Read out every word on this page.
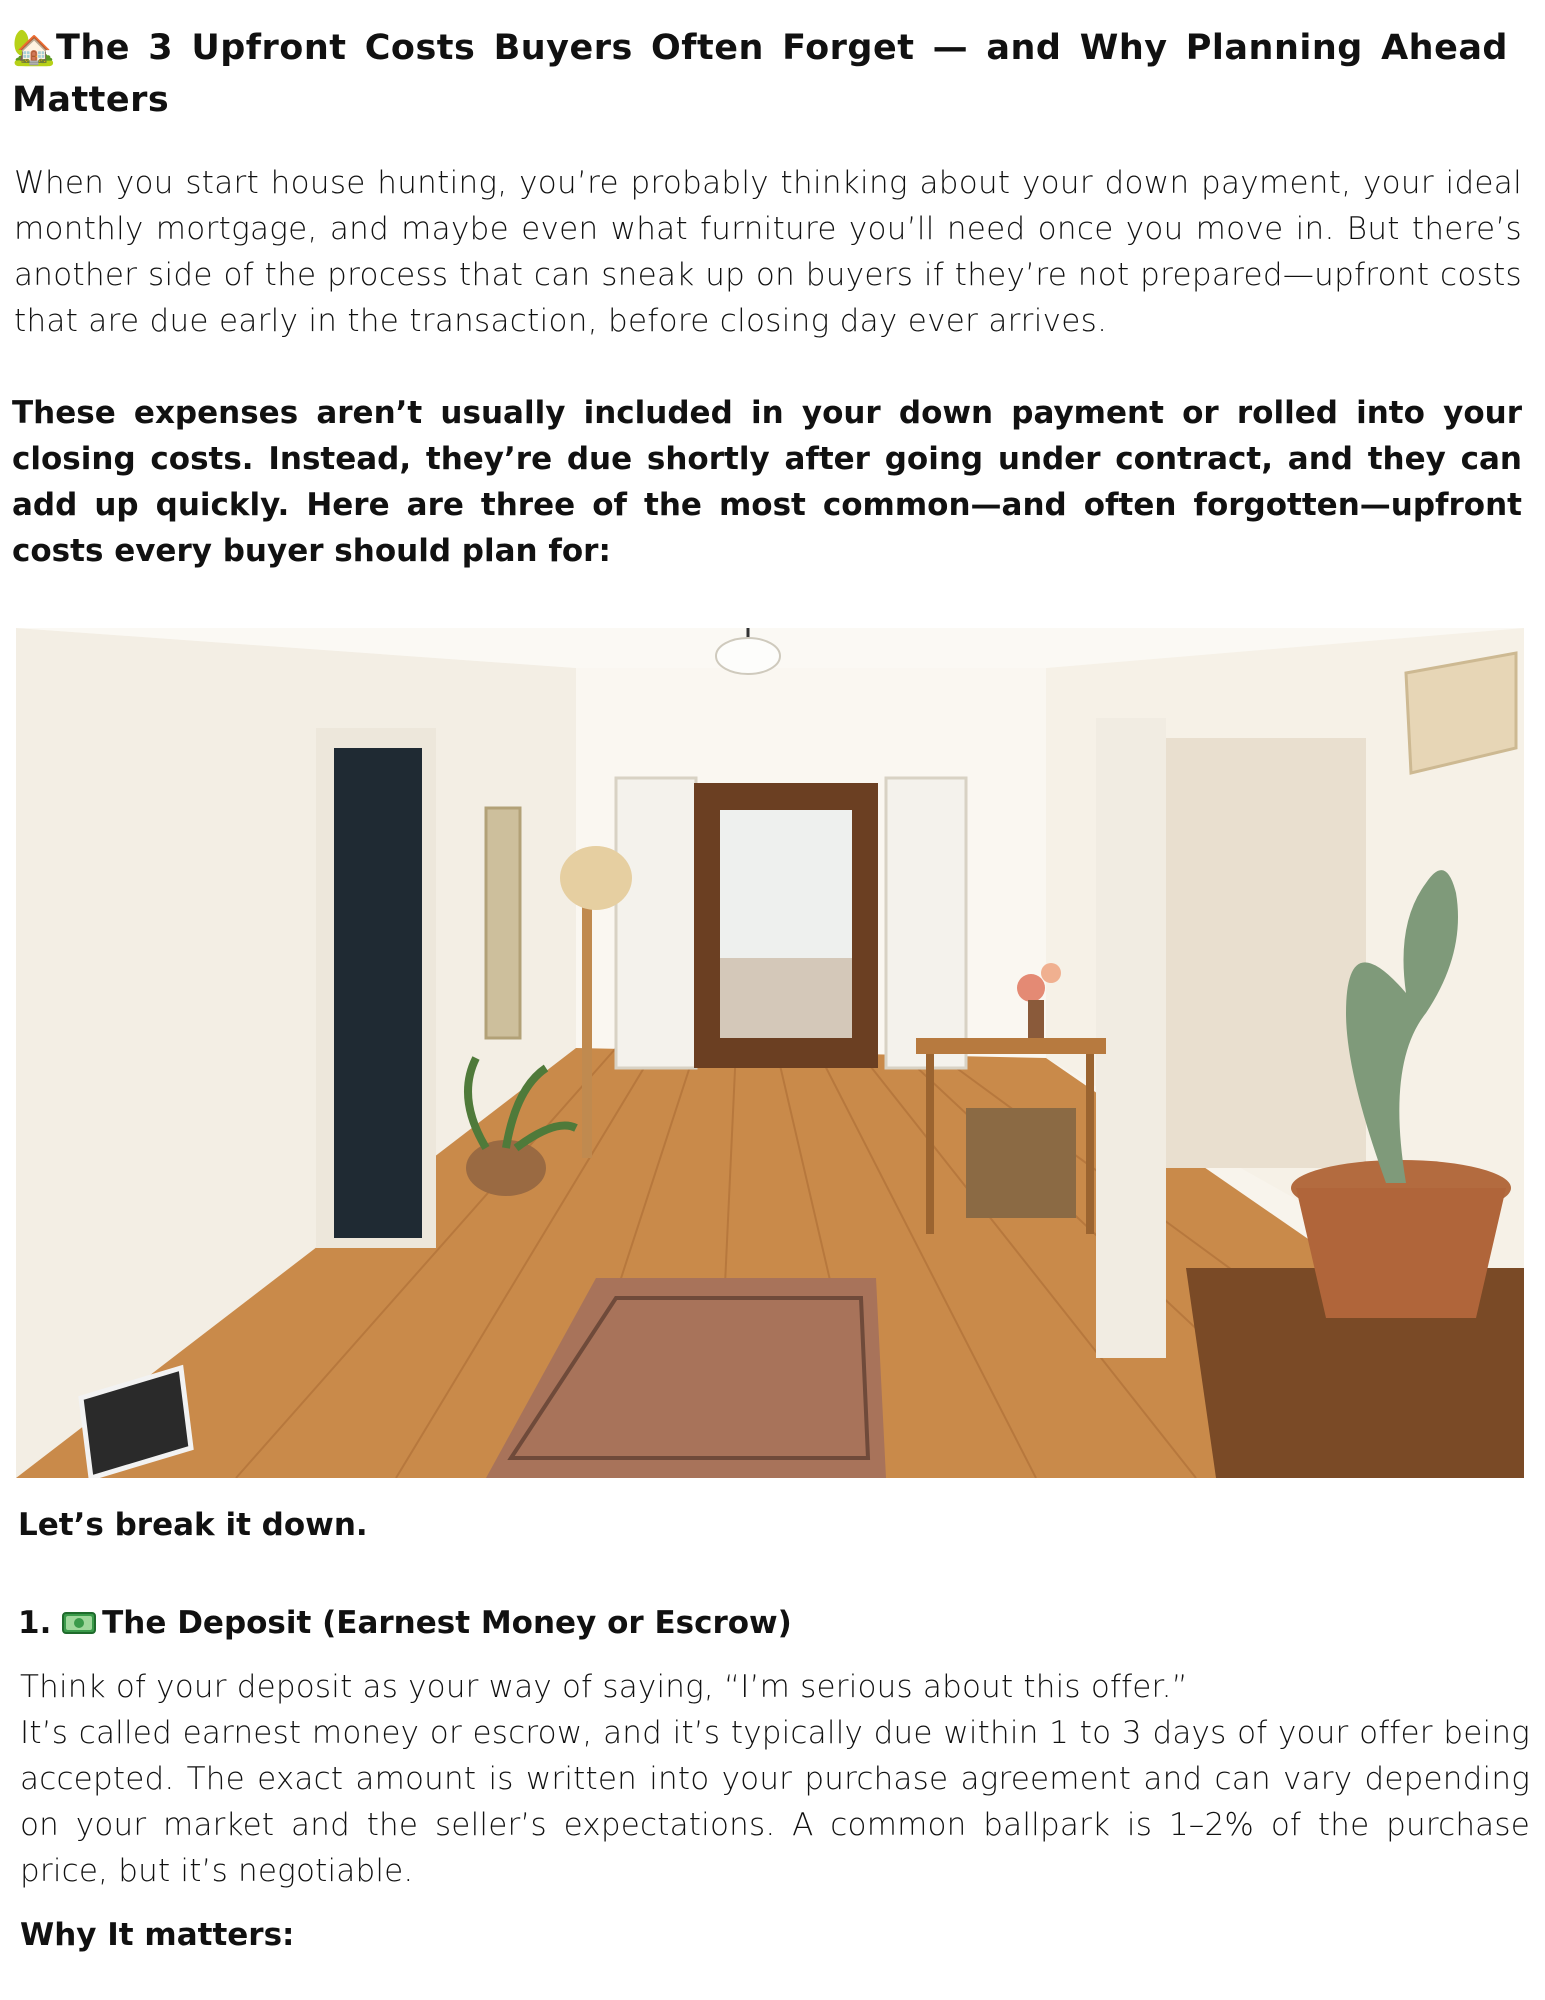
🏡The 3 Upfront Costs Buyers Often Forget — and Why Planning Ahead Matters

When you start house hunting, you’re probably thinking about your down payment, your ideal monthly mortgage, and maybe even what furniture you’ll need once you move in. But there’s another side of the process that can sneak up on buyers if they’re not prepared—upfront costs that are due early in the transaction, before closing day ever arrives.

These expenses aren’t usually included in your down payment or rolled into your closing costs. Instead, they’re due shortly after going under contract, and they can add up quickly. Here are three of the most common—and often forgotten—upfront costs every buyer should plan for:

Let’s break it down.

1. The Deposit (Earnest Money or Escrow)

Think of your deposit as your way of saying, “I’m serious about this offer.”
It’s called earnest money or escrow, and it’s typically due within 1 to 3 days of your offer being accepted. The exact amount is written into your purchase agreement and can vary depending on your market and the seller’s expectations. A common ballpark is 1–2% of the purchase price, but it’s negotiable.

Why It matters:
